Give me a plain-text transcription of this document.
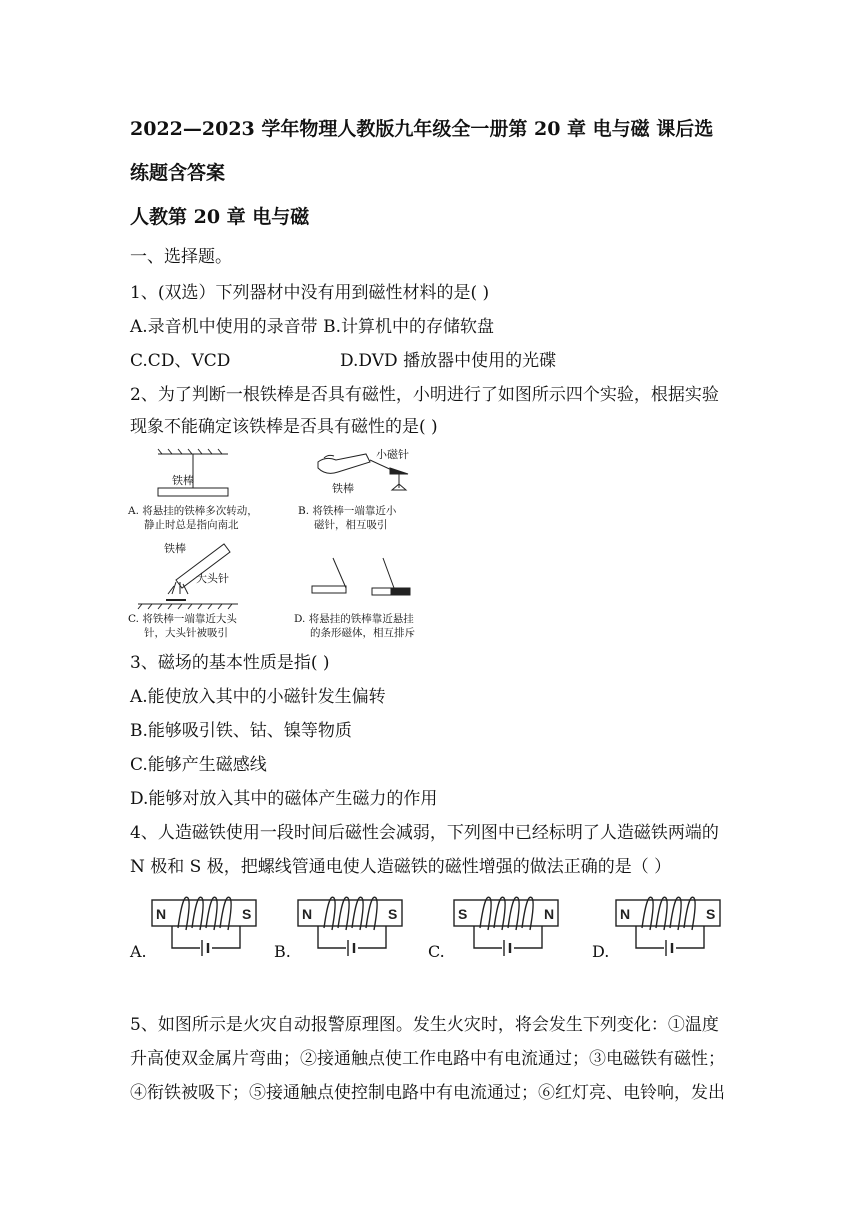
2022—2023 学年物理人教版九年级全一册第 20 章 电与磁 课后选
练题含答案
人教第 20 章 电与磁
一、选择题。
1、(双选）下列器材中没有用到磁性材料的是( )
A.录音机中使用的录音带 B.计算机中的存储软盘
C.CD、VCD	D.DVD 播放器中使用的光碟
2、为了判断一根铁棒是否具有磁性，小明进行了如图所示四个实验，根据实验
现象不能确定该铁棒是否具有磁性的是( )
铁棒
小磁针
铁棒
铁棒
大头针
A. 将悬挂的铁棒多次转动，
静止时总是指向南北
B. 将铁棒一端靠近小
磁针，相互吸引
C. 将铁棒一端靠近大头
针，大头针被吸引
D. 将悬挂的铁棒靠近悬挂
的条形磁体，相互排斥
3、磁场的基本性质是指( )
A.能使放入其中的小磁针发生偏转
B.能够吸引铁、钴、镍等物质
C.能够产生磁感线
D.能够对放入其中的磁体产生磁力的作用
4、人造磁铁使用一段时间后磁性会减弱，下列图中已经标明了人造磁铁两端的
N 极和 S 极，把螺线管通电使人造磁铁的磁性增强的做法正确的是（ ）
A.
N	S
B.
N	S
C.
S	N
D.
N	S
5、如图所示是火灾自动报警原理图。发生火灾时，将会发生下列变化：①温度
升高使双金属片弯曲；②接通触点使工作电路中有电流通过；③电磁铁有磁性；
④衔铁被吸下；⑤接通触点使控制电路中有电流通过；⑥红灯亮、电铃响，发出
